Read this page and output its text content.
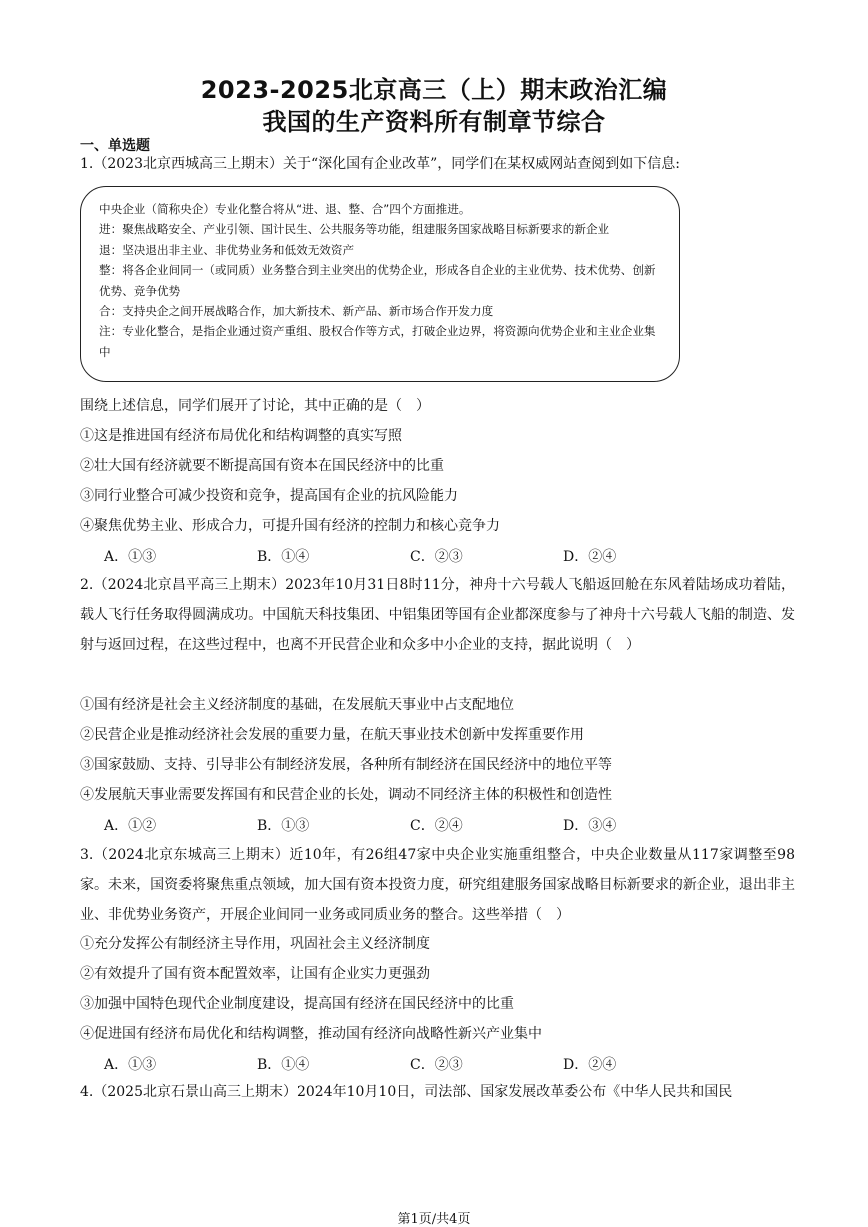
2023-2025北京高三（上）期末政治汇编
我国的生产资料所有制章节综合
一、单选题
1.（2023北京西城高三上期末）关于“深化国有企业改革”，同学们在某权威网站查阅到如下信息:

中央企业（简称央企）专业化整合将从“进、退、整、合”四个方面推进。

进：聚焦战略安全、产业引领、国计民生、公共服务等功能，组建服务国家战略目标新要求的新企业

退：坚决退出非主业、非优势业务和低效无效资产

整：将各企业间同一（或同质）业务整合到主业突出的优势企业，形成各自企业的主业优势、技术优势、创新优势、竞争优势

合：支持央企之间开展战略合作，加大新技术、新产品、新市场合作开发力度

注：专业化整合，是指企业通过资产重组、股权合作等方式，打破企业边界，将资源向优势企业和主业企业集中

围绕上述信息，同学们展开了讨论，其中正确的是（　）
①这是推进国有经济布局优化和结构调整的真实写照
②壮大国有经济就要不断提高国有资本在国民经济中的比重
③同行业整合可减少投资和竞争，提高国有企业的抗风险能力
④聚焦优势主业、形成合力，可提升国有经济的控制力和核心竞争力
A．①③	B．①④	C．②③	D．②④
2.（2024北京昌平高三上期末）2023年10月31日8时11分，神舟十六号载人飞船返回舱在东风着陆场成功着陆，载人飞行任务取得圆满成功。中国航天科技集团、中铝集团等国有企业都深度参与了神舟十六号载人飞船的制造、发射与返回过程，在这些过程中，也离不开民营企业和众多中小企业的支持，据此说明（　）
①国有经济是社会主义经济制度的基础，在发展航天事业中占支配地位
②民营企业是推动经济社会发展的重要力量，在航天事业技术创新中发挥重要作用
③国家鼓励、支持、引导非公有制经济发展，各种所有制经济在国民经济中的地位平等
④发展航天事业需要发挥国有和民营企业的长处，调动不同经济主体的积极性和创造性
A．①②	B．①③	C．②④	D．③④
3.（2024北京东城高三上期末）近10年，有26组47家中央企业实施重组整合，中央企业数量从117家调整至98家。未来，国资委将聚焦重点领域，加大国有资本投资力度，研究组建服务国家战略目标新要求的新企业，退出非主业、非优势业务资产，开展企业间同一业务或同质业务的整合。这些举措（　）
①充分发挥公有制经济主导作用，巩固社会主义经济制度
②有效提升了国有资本配置效率，让国有企业实力更强劲
③加强中国特色现代企业制度建设，提高国有经济在国民经济中的比重
④促进国有经济布局优化和结构调整，推动国有经济向战略性新兴产业集中
A．①③	B．①④	C．②③	D．②④
4.（2025北京石景山高三上期末）2024年10月10日，司法部、国家发展改革委公布《中华人民共和国民
第1页/共4页
